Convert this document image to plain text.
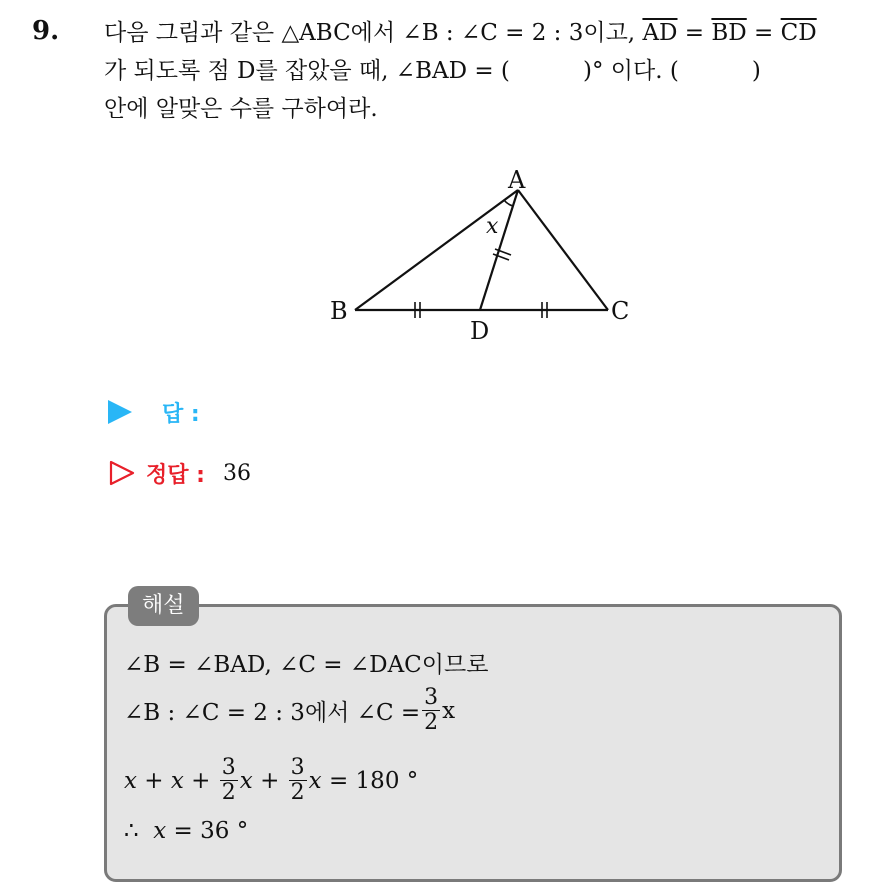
9. 다음 그림과 같은 △ABC에서 ∠B : ∠C = 2 : 3이고, $\overline{AD} = \overline{BD} = \overline{CD}$
가 되도록 점 D를 잡았을 때, ∠BAD = (          )° 이다. (          )
안에 알맞은 수를 구하여라.
A
B	C
D
x
답 :
정답 : 36
해설
∠B = ∠BAD, ∠C = ∠DAC이므로
∠B : ∠C = 2 : 3에서 ∠C = $\frac{3}{2}$ x
$x + x + \frac{3}{2}$ $x + \frac{3}{2}$ x = 180 °
∴ x = 36 °
